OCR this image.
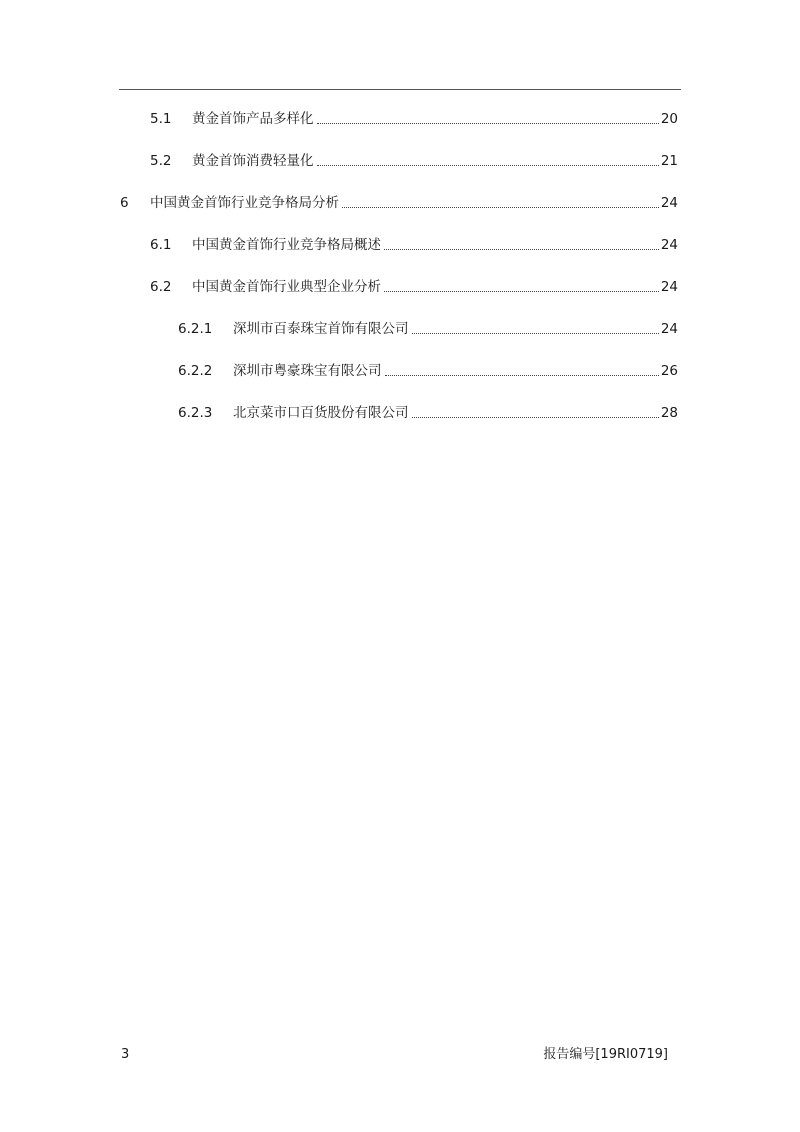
5.1	黄金首饰产品多样化	20
5.2	黄金首饰消费轻量化	21
6	中国黄金首饰行业竞争格局分析	24
6.1	中国黄金首饰行业竞争格局概述	24
6.2	中国黄金首饰行业典型企业分析	24
6.2.1	深圳市百泰珠宝首饰有限公司	24
6.2.2	深圳市粤豪珠宝有限公司	26
6.2.3	北京菜市口百货股份有限公司	28
3	报告编号[19RI0719]
